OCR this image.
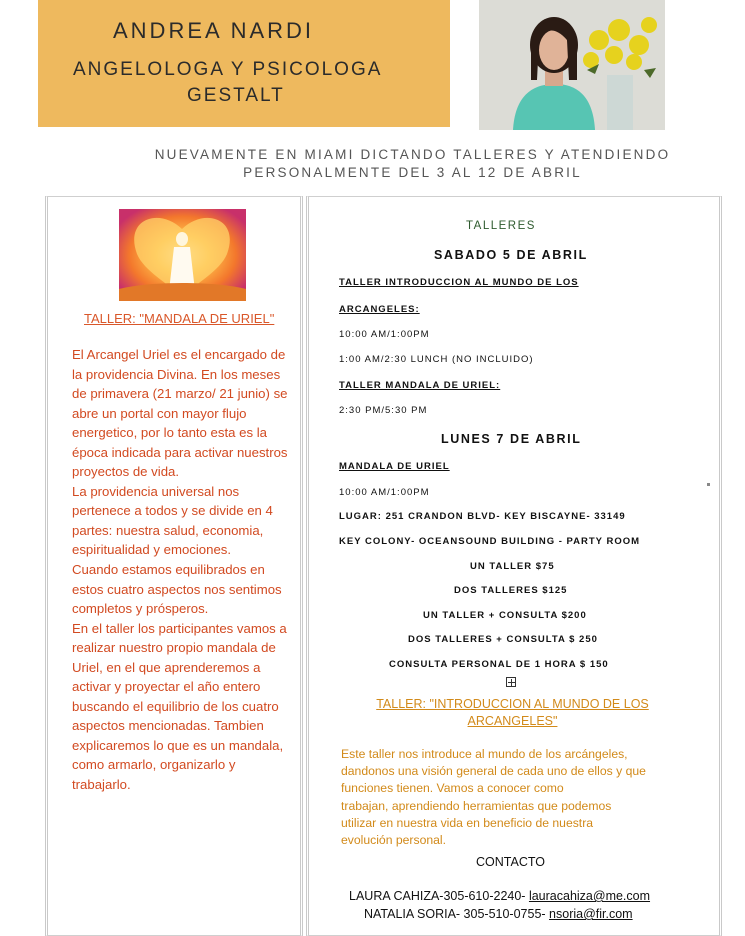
ANDREA NARDI
ANGELOLOGA Y PSICOLOGA
GESTALT
NUEVAMENTE EN MIAMI DICTANDO TALLERES Y ATENDIENDO
PERSONALMENTE DEL 3 AL 12 DE ABRIL
TALLER: "MANDALA DE URIEL"

El Arcangel Uriel es el encargado de la providencia Divina. En los meses de primavera (21 marzo/ 21 junio) se abre un portal con mayor flujo energetico, por lo tanto esta es la época indicada para activar nuestros proyectos de vida.

La providencia universal nos pertenece a todos y se divide en 4 partes: nuestra salud, economia, espiritualidad y emociones.

Cuando estamos equilibrados en estos cuatro aspectos nos sentimos completos y prósperos.

En el taller los participantes vamos a realizar nuestro propio mandala de Uriel, en el que aprenderemos a activar y proyectar el año entero buscando el equilibrio de los cuatro aspectos mencionadas. Tambien explicaremos lo que es un mandala, como armarlo, organizarlo y trabajarlo.

TALLERES
SABADO 5 DE ABRIL
TALLER INTRODUCCION AL MUNDO DE LOS
ARCANGELES:
10:00 AM/1:00PM
1:00 AM/2:30 LUNCH (NO INCLUIDO)
TALLER MANDALA DE URIEL:
2:30 PM/5:30 PM
LUNES 7 DE ABRIL
MANDALA DE URIEL
10:00 AM/1:00PM
LUGAR: 251 CRANDON BLVD- KEY BISCAYNE- 33149
KEY COLONY- OCEANSOUND BUILDING - PARTY ROOM
UN TALLER $75
DOS TALLERES $125
UN TALLER + CONSULTA $200
DOS TALLERES + CONSULTA $ 250
CONSULTA PERSONAL DE 1 HORA $ 150
TALLER: "INTRODUCCION AL MUNDO DE LOS
ARCANGELES"

Este taller nos introduce al mundo de los arcángeles,

dandonos una visión general de cada uno de ellos y que

funciones tienen. Vamos a conocer como

trabajan, aprendiendo herramientas que podemos

utilizar en nuestra vida en beneficio de nuestra

evolución personal.

CONTACTO
LAURA CAHIZA-305-610-2240- lauracahiza@me.com
NATALIA SORIA- 305-510-0755- nsoria@fir.com
